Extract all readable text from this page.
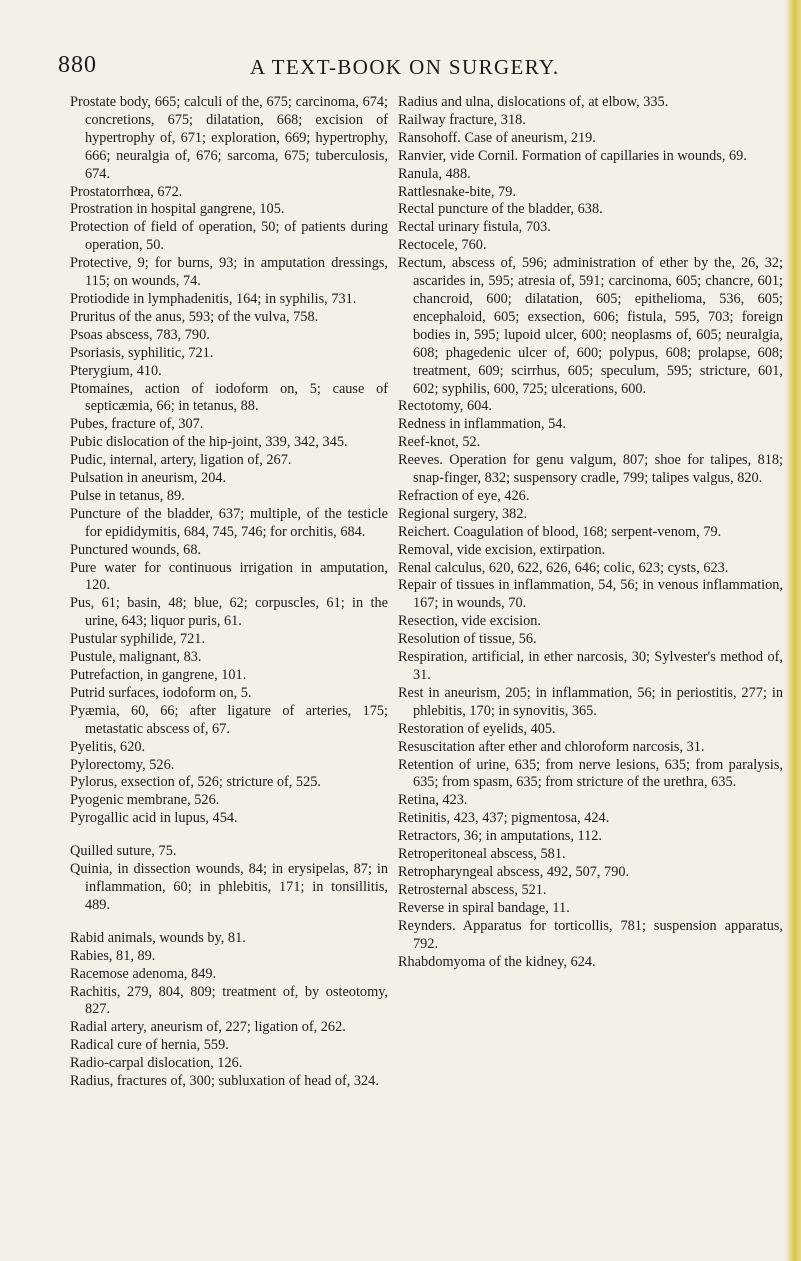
880	A TEXT-BOOK ON SURGERY.
Prostate body, 665; calculi of the, 675; carcinoma, 674; concretions, 675; dilatation, 668; excision of hypertrophy of, 671; exploration, 669; hypertrophy, 666; neuralgia of, 676; sarcoma, 675; tuberculosis, 674.
Prostatorrhœa, 672.
Prostration in hospital gangrene, 105.
Protection of field of operation, 50; of patients during operation, 50.
Protective, 9; for burns, 93; in amputation dressings, 115; on wounds, 74.
Protiodide in lymphadenitis, 164; in syphilis, 731.
Pruritus of the anus, 593; of the vulva, 758.
Psoas abscess, 783, 790.
Psoriasis, syphilitic, 721.
Pterygium, 410.
Ptomaines, action of iodoform on, 5; cause of septicæmia, 66; in tetanus, 88.
Pubes, fracture of, 307.
Pubic dislocation of the hip-joint, 339, 342, 345.
Pudic, internal, artery, ligation of, 267.
Pulsation in aneurism, 204.
Pulse in tetanus, 89.
Puncture of the bladder, 637; multiple, of the testicle for epididymitis, 684, 745, 746; for orchitis, 684.
Punctured wounds, 68.
Pure water for continuous irrigation in amputation, 120.
Pus, 61; basin, 48; blue, 62; corpuscles, 61; in the urine, 643; liquor puris, 61.
Pustular syphilide, 721.
Pustule, malignant, 83.
Putrefaction, in gangrene, 101.
Putrid surfaces, iodoform on, 5.
Pyæmia, 60, 66; after ligature of arteries, 175; metastatic abscess of, 67.
Pyelitis, 620.
Pylorectomy, 526.
Pylorus, exsection of, 526; stricture of, 525.
Pyogenic membrane, 526.
Pyrogallic acid in lupus, 454.
Quilled suture, 75.
Quinia, in dissection wounds, 84; in erysipelas, 87; in inflammation, 60; in phlebitis, 171; in tonsillitis, 489.
Rabid animals, wounds by, 81.
Rabies, 81, 89.
Racemose adenoma, 849.
Rachitis, 279, 804, 809; treatment of, by osteotomy, 827.
Radial artery, aneurism of, 227; ligation of, 262.
Radical cure of hernia, 559.
Radio-carpal dislocation, 126.
Radius, fractures of, 300; subluxation of head of, 324.
Radius and ulna, dislocations of, at elbow, 335.
Railway fracture, 318.
Ransohoff. Case of aneurism, 219.
Ranvier, vide Cornil. Formation of capillaries in wounds, 69.
Ranula, 488.
Rattlesnake-bite, 79.
Rectal puncture of the bladder, 638.
Rectal urinary fistula, 703.
Rectocele, 760.
Rectum, abscess of, 596; administration of ether by the, 26, 32; ascarides in, 595; atresia of, 591; carcinoma, 605; chancre, 601; chancroid, 600; dilatation, 605; epithelioma, 536, 605; encephaloid, 605; exsection, 606; fistula, 595, 703; foreign bodies in, 595; lupoid ulcer, 600; neoplasms of, 605; neuralgia, 608; phagedenic ulcer of, 600; polypus, 608; prolapse, 608; treatment, 609; scirrhus, 605; speculum, 595; stricture, 601, 602; syphilis, 600, 725; ulcerations, 600.
Rectotomy, 604.
Redness in inflammation, 54.
Reef-knot, 52.
Reeves. Operation for genu valgum, 807; shoe for talipes, 818; snap-finger, 832; suspensory cradle, 799; talipes valgus, 820.
Refraction of eye, 426.
Regional surgery, 382.
Reichert. Coagulation of blood, 168; serpent-venom, 79.
Removal, vide excision, extirpation.
Renal calculus, 620, 622, 626, 646; colic, 623; cysts, 623.
Repair of tissues in inflammation, 54, 56; in venous inflammation, 167; in wounds, 70.
Resection, vide excision.
Resolution of tissue, 56.
Respiration, artificial, in ether narcosis, 30; Sylvester's method of, 31.
Rest in aneurism, 205; in inflammation, 56; in periostitis, 277; in phlebitis, 170; in synovitis, 365.
Restoration of eyelids, 405.
Resuscitation after ether and chloroform narcosis, 31.
Retention of urine, 635; from nerve lesions, 635; from paralysis, 635; from spasm, 635; from stricture of the urethra, 635.
Retina, 423.
Retinitis, 423, 437; pigmentosa, 424.
Retractors, 36; in amputations, 112.
Retroperitoneal abscess, 581.
Retropharyngeal abscess, 492, 507, 790.
Retrosternal abscess, 521.
Reverse in spiral bandage, 11.
Reynders. Apparatus for torticollis, 781; suspension apparatus, 792.
Rhabdomyoma of the kidney, 624.
